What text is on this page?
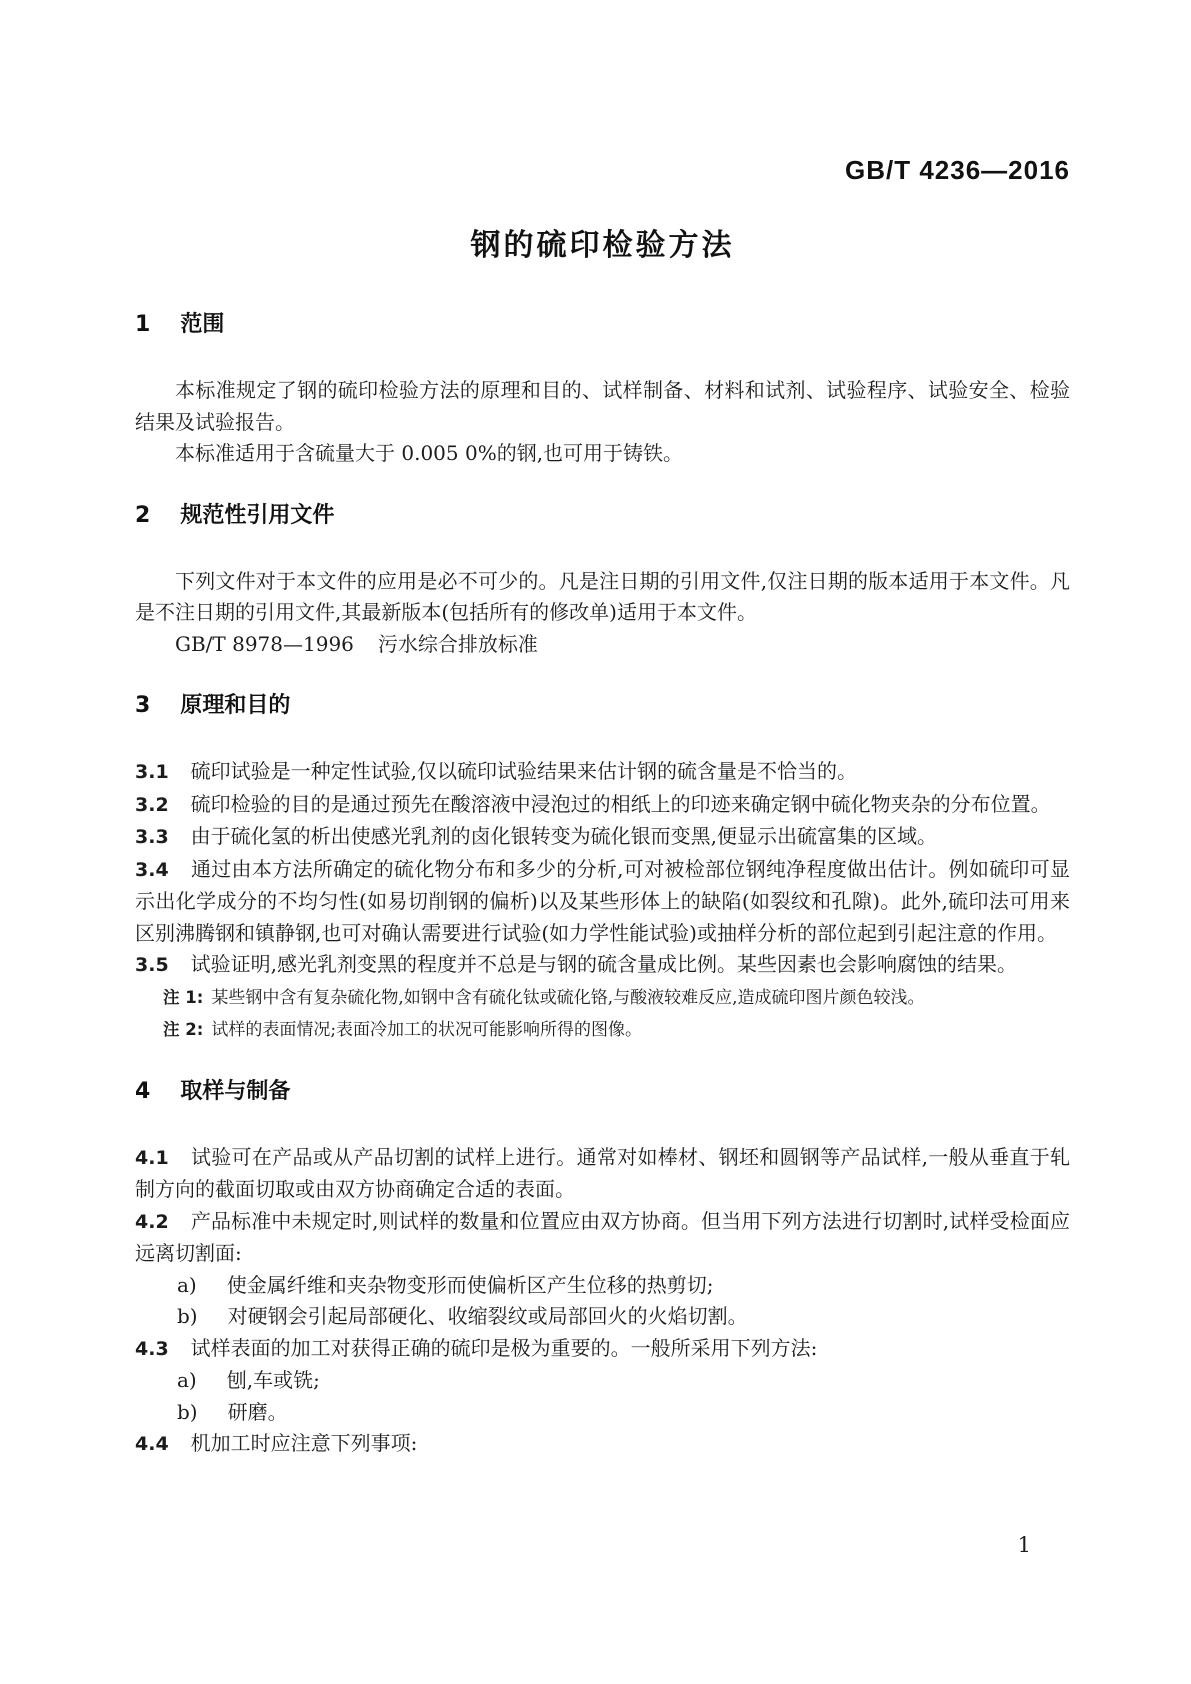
GB/T 4236—2016
钢的硫印检验方法
1 范围

本标准规定了钢的硫印检验方法的原理和目的、试样制备、材料和试剂、试验程序、试验安全、检验结果及试验报告。

本标准适用于含硫量大于 0.005 0%的钢,也可用于铸铁。

2 规范性引用文件

下列文件对于本文件的应用是必不可少的。凡是注日期的引用文件,仅注日期的版本适用于本文件。凡是不注日期的引用文件,其最新版本(包括所有的修改单)适用于本文件。

GB/T 8978—1996 污水综合排放标准

3 原理和目的

3.1 硫印试验是一种定性试验,仅以硫印试验结果来估计钢的硫含量是不恰当的。

3.2 硫印检验的目的是通过预先在酸溶液中浸泡过的相纸上的印迹来确定钢中硫化物夹杂的分布位置。

3.3 由于硫化氢的析出使感光乳剂的卤化银转变为硫化银而变黑,便显示出硫富集的区域。

3.4 通过由本方法所确定的硫化物分布和多少的分析,可对被检部位钢纯净程度做出估计。例如硫印可显示出化学成分的不均匀性(如易切削钢的偏析)以及某些形体上的缺陷(如裂纹和孔隙)。此外,硫印法可用来区别沸腾钢和镇静钢,也可对确认需要进行试验(如力学性能试验)或抽样分析的部位起到引起注意的作用。

3.5 试验证明,感光乳剂变黑的程度并不总是与钢的硫含量成比例。某些因素也会影响腐蚀的结果。

注 1: 某些钢中含有复杂硫化物,如钢中含有硫化钛或硫化铬,与酸液较难反应,造成硫印图片颜色较浅。

注 2: 试样的表面情况;表面冷加工的状况可能影响所得的图像。

4 取样与制备

4.1 试验可在产品或从产品切割的试样上进行。通常对如棒材、钢坯和圆钢等产品试样,一般从垂直于轧制方向的截面切取或由双方协商确定合适的表面。

4.2 产品标准中未规定时,则试样的数量和位置应由双方协商。但当用下列方法进行切割时,试样受检面应远离切割面:

a) 使金属纤维和夹杂物变形而使偏析区产生位移的热剪切;

b) 对硬钢会引起局部硬化、收缩裂纹或局部回火的火焰切割。

4.3 试样表面的加工对获得正确的硫印是极为重要的。一般所采用下列方法:

a) 刨,车或铣;

b) 研磨。

4.4 机加工时应注意下列事项:

1
